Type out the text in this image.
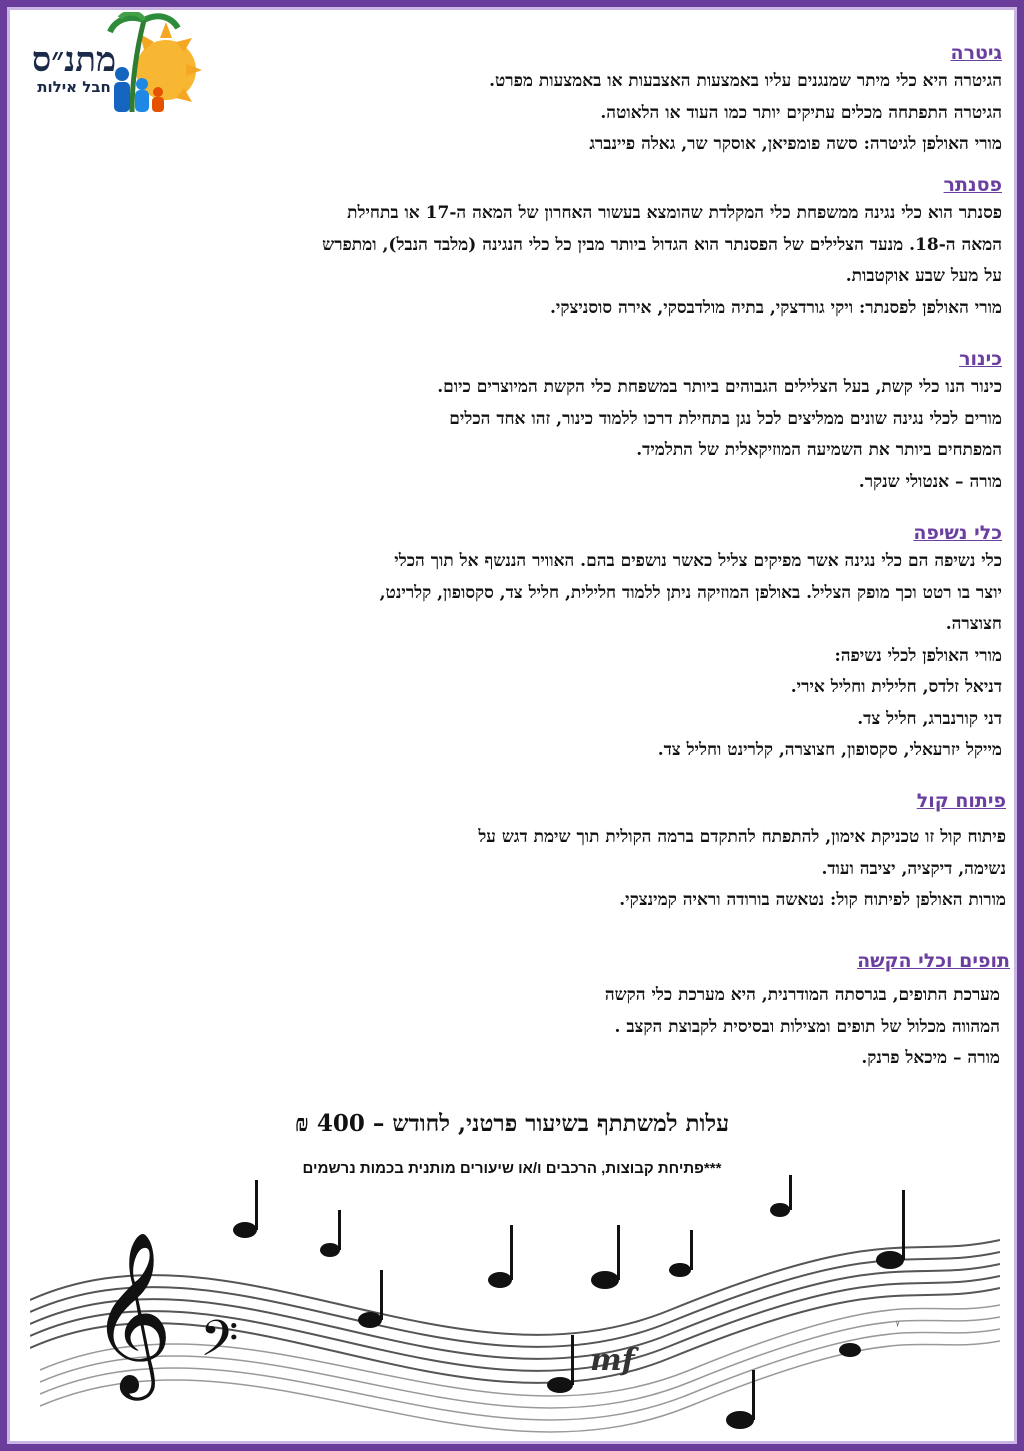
מתנ״ס
חבל אילות
גיטרה
הגיטרה היא כלי מיתר שמנגנים עליו באמצעות האצבעות או באמצעות מפרט.
הגיטרה התפתחה מכלים עתיקים יותר כמו העוד או הלאוטה.
מורי האולפן לגיטרה: סשה פומפיאן, אוסקר שר, גאלה פיינברג
פסנתר
פסנתר הוא כלי נגינה ממשפחת כלי המקלדת שהומצא בעשור האחרון של המאה ה-17 או בתחילת
המאה ה-18. מנעד הצלילים של הפסנתר הוא הגדול ביותר מבין כל כלי הנגינה (מלבד הנבל), ומתפרש
על מעל שבע אוקטבות.
מורי האולפן לפסנתר: ויקי גורדצקי, בתיה מולדבסקי, אירה סוסניצקי.
כינור
כינור הנו כלי קשת, בעל הצלילים הגבוהים ביותר במשפחת כלי הקשת המיוצרים כיום.
מורים לכלי נגינה שונים ממליצים לכל נגן בתחילת דרכו ללמוד כינור, זהו אחד הכלים
המפתחים ביותר את השמיעה המוזיקאלית של התלמיד.
מורה – אנטולי שנקר.
כלי נשיפה
כלי נשיפה הם כלי נגינה אשר מפיקים צליל כאשר נושפים בהם. האוויר הננשף אל תוך הכלי
יוצר בו רטט וכך מופק הצליל. באולפן המוזיקה ניתן ללמוד חלילית, חליל צד, סקסופון, קלרינט,
חצוצרה.
מורי האולפן לכלי נשיפה:
דניאל זלדס, חלילית וחליל אירי.
דני קורנברג, חליל צד.
מייקל יזרעאלי, סקסופון, חצוצרה, קלרינט וחליל צד.
פיתוח קול
פיתוח קול זו טכניקת אימון, להתפתח להתקדם ברמה הקולית תוך שימת דגש על
נשימה, דיקציה, יציבה ועוד.
מורות האולפן לפיתוח קול: נטאשה בורודה וראיה קמינצקי.
תופים וכלי הקשה
מערכת התופים, בגרסתה המודרנית, היא מערכת כלי הקשה
המהווה מכלול של תופים ומצילות ובסיסית לקבוצת הקצב .
מורה – מיכאל פרנק.
עלות למשתתף בשיעור פרטני, לחודש – 400 ₪
𝄞 𝄢	mf
***פתיחת קבוצות, הרכבים ו/או שיעורים מותנית בכמות נרשמים
